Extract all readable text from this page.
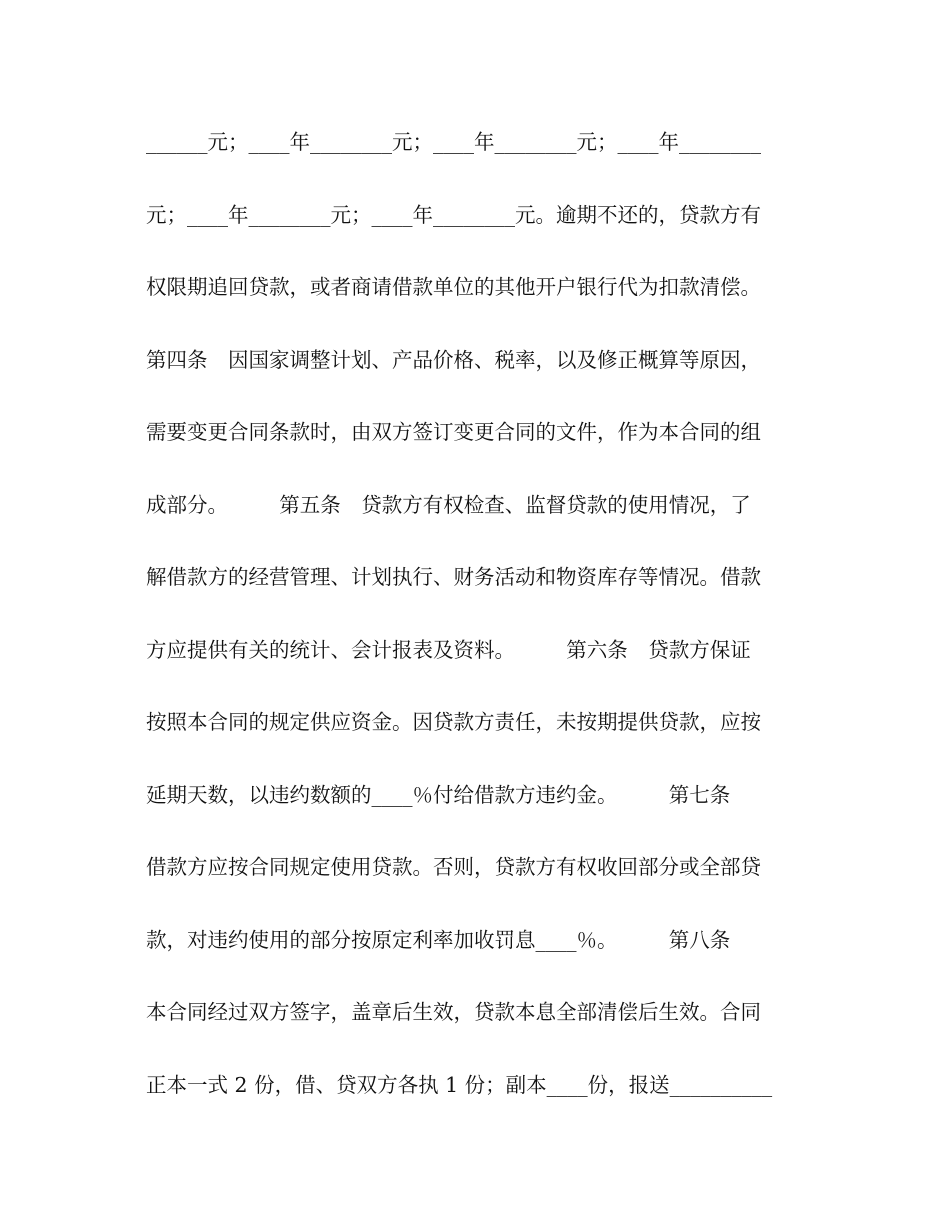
______元；____年________元；____年________元；____年________
元；____年________元；____年________元。逾期不还的，贷款方有
权限期追回贷款，或者商请借款单位的其他开户银行代为扣款清偿。
第四条　因国家调整计划、产品价格、税率，以及修正概算等原因，
需要变更合同条款时，由双方签订变更合同的文件，作为本合同的组
成部分。　　　第五条　贷款方有权检查、监督贷款的使用情况，了
解借款方的经营管理、计划执行、财务活动和物资库存等情况。借款
方应提供有关的统计、会计报表及资料。　　　第六条　贷款方保证
按照本合同的规定供应资金。因贷款方责任，未按期提供贷款，应按
延期天数，以违约数额的____％付给借款方违约金。　　　第七条
借款方应按合同规定使用贷款。否则，贷款方有权收回部分或全部贷
款，对违约使用的部分按原定利率加收罚息____％。　　　第八条
本合同经过双方签字，盖章后生效，贷款本息全部清偿后生效。合同
正本一式 2 份，借、贷双方各执 1 份；副本____份，报送__________
